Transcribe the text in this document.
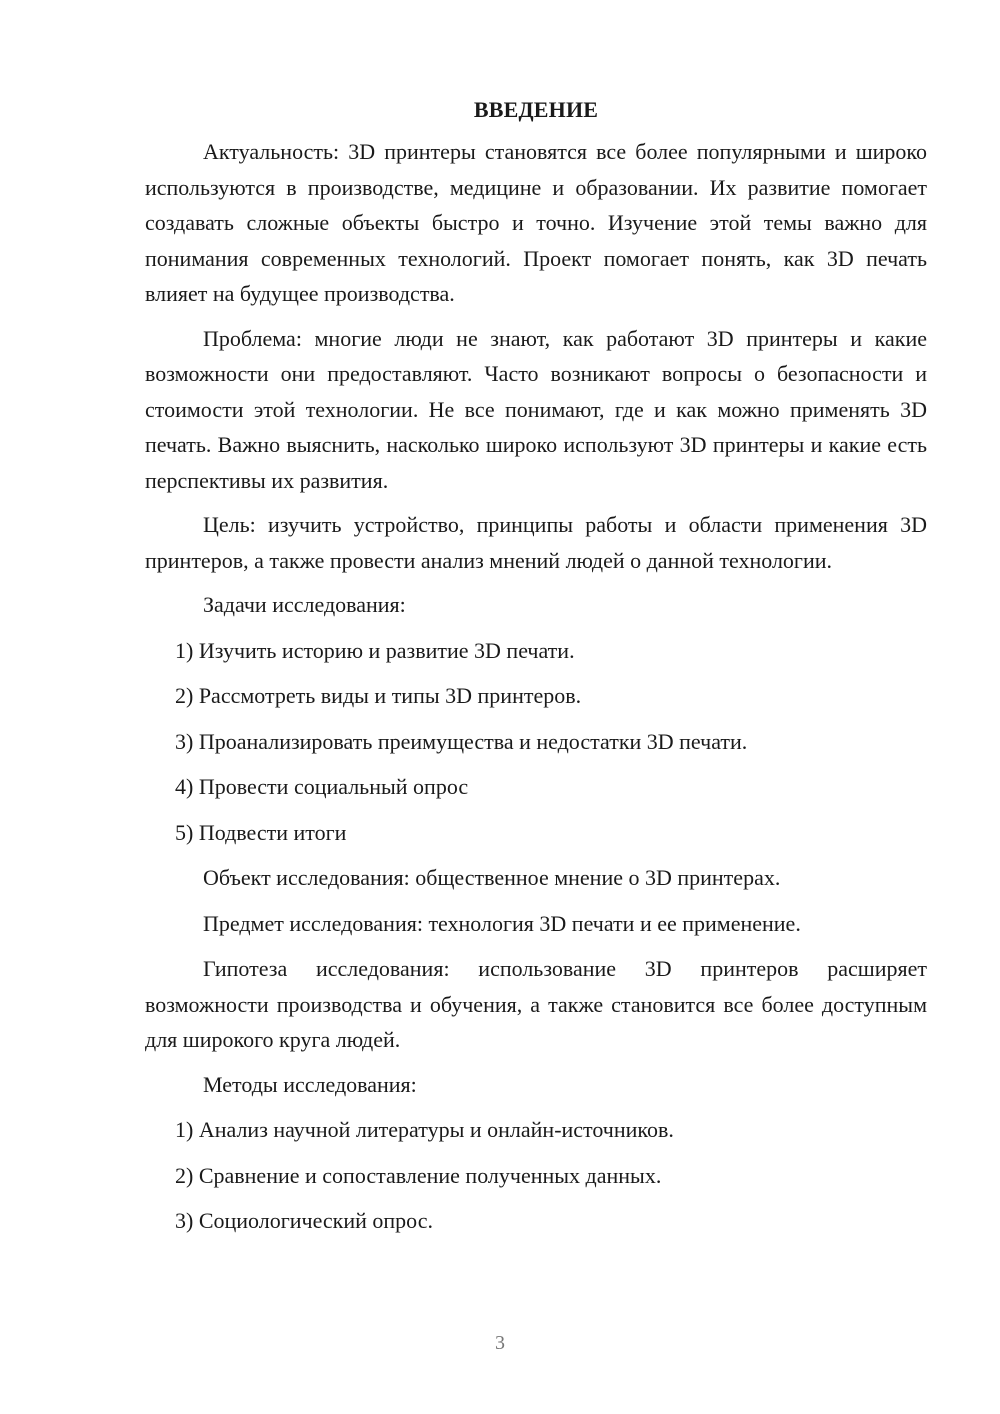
ВВЕДЕНИЕ

Актуальность: 3D принтеры становятся все более популярными и широко используются в производстве, медицине и образовании. Их развитие помогает создавать сложные объекты быстро и точно. Изучение этой темы важно для понимания современных технологий. Проект помогает понять, как 3D печать влияет на будущее производства.

Проблема: многие люди не знают, как работают 3D принтеры и какие возможности они предоставляют. Часто возникают вопросы о безопасности и стоимости этой технологии. Не все понимают, где и как можно применять 3D печать. Важно выяснить, насколько широко используют 3D принтеры и какие есть перспективы их развития.

Цель: изучить устройство, принципы работы и области применения 3D принтеров, а также провести анализ мнений людей о данной технологии.

Задачи исследования:

1) Изучить историю и развитие 3D печати.

2) Рассмотреть виды и типы 3D принтеров.

3) Проанализировать преимущества и недостатки 3D печати.

4) Провести социальный опрос

5) Подвести итоги

Объект исследования: общественное мнение о 3D принтерах.

Предмет исследования: технология 3D печати и ее применение.

Гипотеза исследования: использование 3D принтеров расширяет возможности производства и обучения, а также становится все более доступным для широкого круга людей.

Методы исследования:

1) Анализ научной литературы и онлайн-источников.

2) Сравнение и сопоставление полученных данных.

3) Социологический опрос.

3
